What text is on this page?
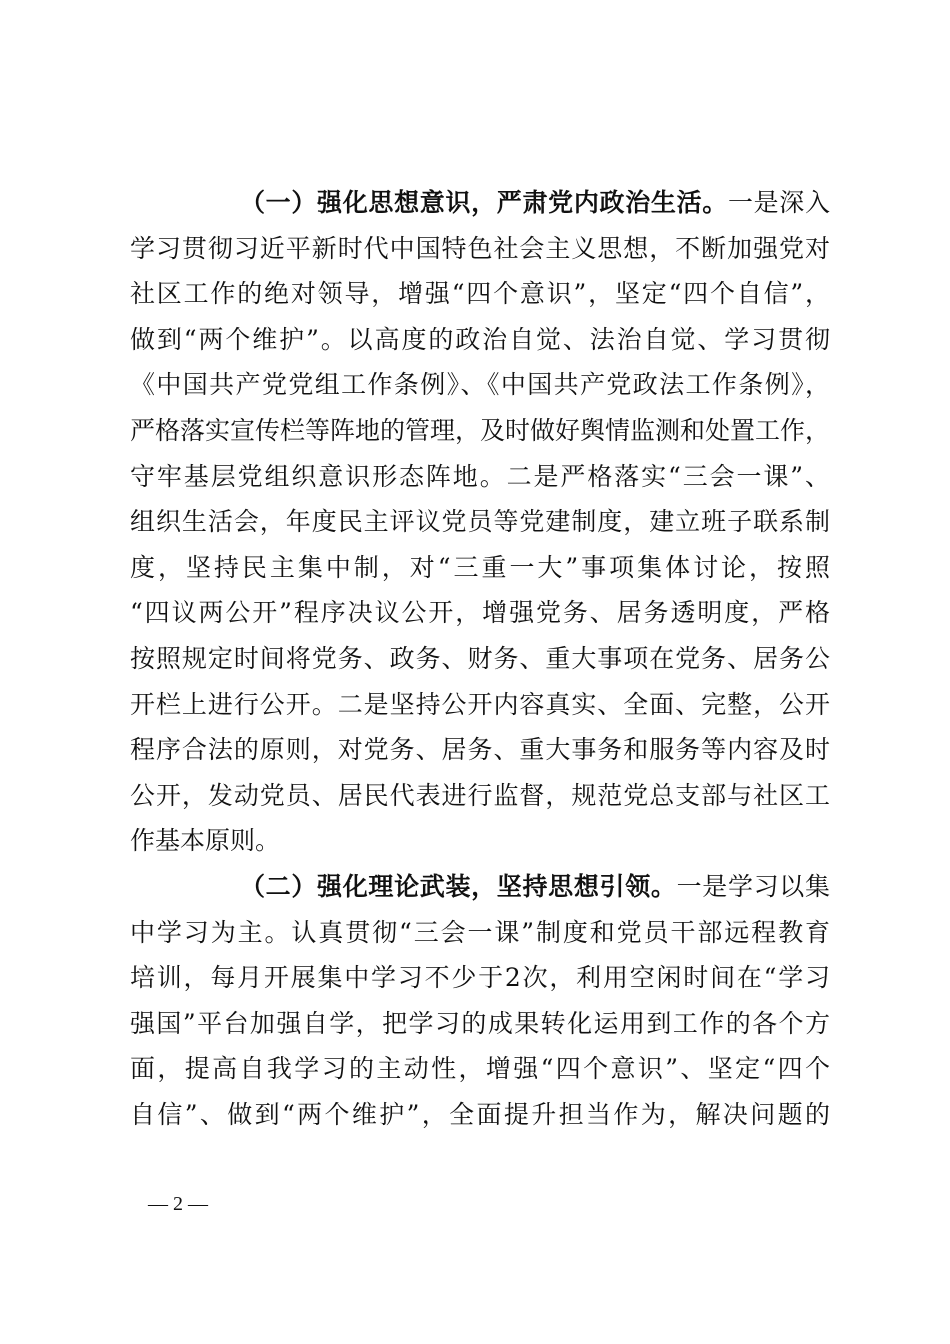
（一）强化思想意识，严肃党内政治生活。一是深入
学习贯彻习近平新时代中国特色社会主义思想，不断加强党对
社区工作的绝对领导，增强“四个意识”，坚定“四个自信”，
做到“两个维护”。以高度的政治自觉、法治自觉、学习贯彻
《中国共产党党组工作条例》、《中国共产党政法工作条例》，
严格落实宣传栏等阵地的管理，及时做好舆情监测和处置工作，
守牢基层党组织意识形态阵地。二是严格落实“三会一课”、
组织生活会，年度民主评议党员等党建制度，建立班子联系制
度，坚持民主集中制，对“三重一大”事项集体讨论，按照
“四议两公开”程序决议公开，增强党务、居务透明度，严格
按照规定时间将党务、政务、财务、重大事项在党务、居务公
开栏上进行公开。二是坚持公开内容真实、全面、完整，公开
程序合法的原则，对党务、居务、重大事务和服务等内容及时
公开，发动党员、居民代表进行监督，规范党总支部与社区工
作基本原则。
（二）强化理论武装，坚持思想引领。一是学习以集
中学习为主。认真贯彻“三会一课”制度和党员干部远程教育
培训，每月开展集中学习不少于2次，利用空闲时间在“学习
强国”平台加强自学，把学习的成果转化运用到工作的各个方
面，提高自我学习的主动性，增强“四个意识”、坚定“四个
自信”、做到“两个维护”，全面提升担当作为，解决问题的
— 2 —
